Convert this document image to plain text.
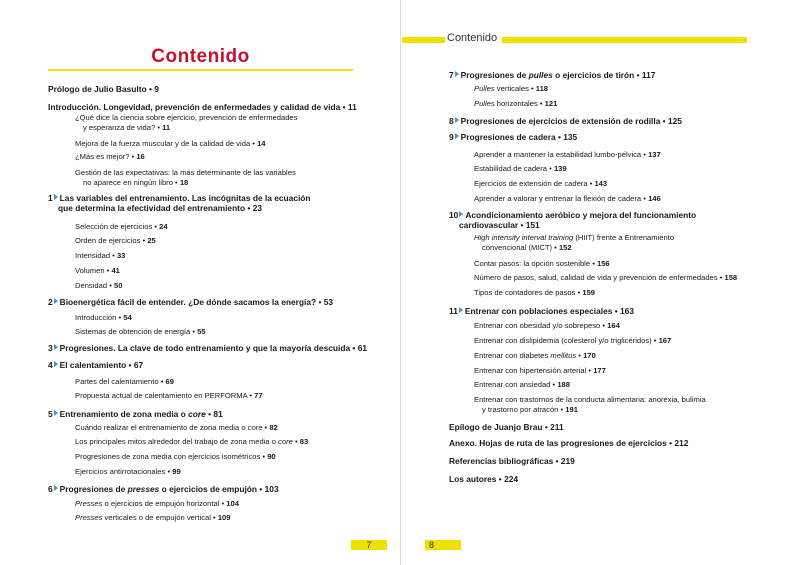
Contenido
Prólogo de Julio Basulto • 9
Introducción. Longevidad, prevención de enfermedades y calidad de vida • 11
¿Qué dice la ciencia sobre ejercicio, prevención de enfermedades
y esperanza de vida? • 11
Mejora de la fuerza muscular y de la calidad de vida • 14
¿Más es mejor? • 16
Gestión de las expectativas: la más determinante de las variables
no aparece en ningún libro • 18
1 Las variables del entrenamiento. Las incógnitas de la ecuación
que determina la efectividad del entrenamiento • 23
Selección de ejercicios • 24
Orden de ejercicios • 25
Intensidad • 33
Volumen • 41
Densidad • 50
2 Bioenergética fácil de entender. ¿De dónde sacamos la energía? • 53
Introducción • 54
Sistemas de obtención de energía • 55
3 Progresiones. La clave de todo entrenamiento y que la mayoría descuida • 61
4 El calentamiento • 67
Partes del calentamiento • 69
Propuesta actual de calentamiento en PERFORMA • 77
5 Entrenamiento de zona media o core • 81
Cuándo realizar el entrenamiento de zona media o core • 82
Los principales mitos alrededor del trabajo de zona media o core • 83
Progresiones de zona media con ejercicios isométricos • 90
Ejercicios antirrotacionales • 99
6 Progresiones de presses o ejercicios de empujón • 103
Presses o ejercicios de empujón horizontal • 104
Presses verticales o de empujón vertical • 109
7
Contenido
7 Progresiones de pulles o ejercicios de tirón • 117
Pulles verticales • 118
Pulles horizontales • 121
8 Progresiones de ejercicios de extensión de rodilla • 125
9 Progresiones de cadera • 135
Aprender a mantener la estabilidad lumbo-pélvica • 137
Estabilidad de cadera • 139
Ejercicios de extensión de cadera • 143
Aprender a valorar y entrenar la flexión de cadera • 146
10 Acondicionamiento aeróbico y mejora del funcionamiento
cardiovascular • 151
High intensity interval training (HIIT) frente a Entrenamiento
convencional (MICT) • 152
Contar pasos: la opción sostenible • 156
Número de pasos, salud, calidad de vida y prevención de enfermedades • 158
Tipos de contadores de pasos • 159
11 Entrenar con poblaciones especiales • 163
Entrenar con obesidad y/o sobrepeso • 164
Entrenar con dislipidemia (colesterol y/o triglicéridos) • 167
Entrenar con diabetes mellitus • 170
Entrenar con hipertensión arterial • 177
Entrenar con ansiedad • 188
Entrenar con trastornos de la conducta alimentaria: anorexia, bulimia
y trastorno por atracón • 191
Epílogo de Juanjo Brau • 211
Anexo. Hojas de ruta de las progresiones de ejercicios • 212
Referencias bibliográficas • 219
Los autores • 224
8
